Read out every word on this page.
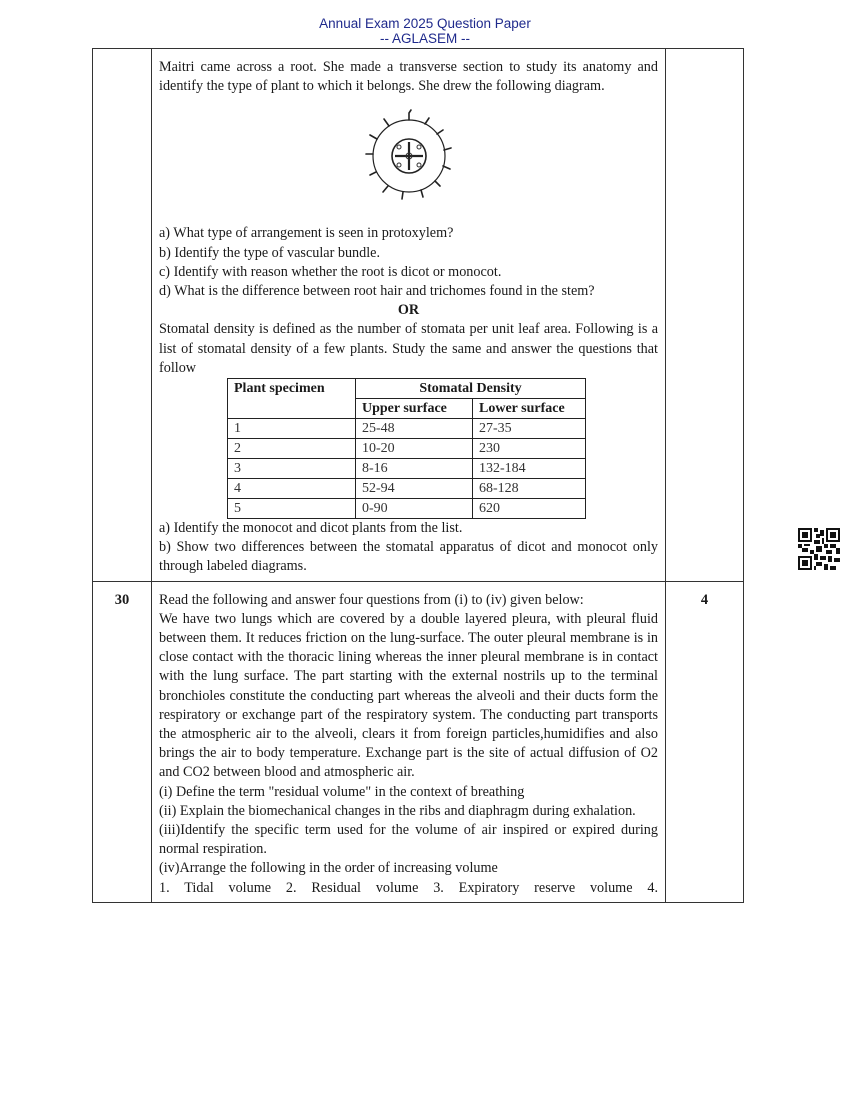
Annual Exam 2025 Question Paper
-- AGLASEM --

Maitri came across a root. She made a transverse section to study its anatomy and identify the type of plant to which it belongs. She drew the following diagram.

a) What type of arrangement is seen in protoxylem?

b) Identify the type of vascular bundle.

c) Identify with reason whether the root is dicot or monocot.

d) What is the difference between root hair and trichomes found in the stem?

OR

Stomatal density is defined as the number of stomata per unit leaf area. Following is a list of stomatal density of a few plants. Study the same and answer the questions that follow

Plant specimen	Stomatal Density	
	Upper surface	Lower surface
1	25-48	27-35
2	10-20	230
3	8-16	132-184
4	52-94	68-128
5	0-90	620

a) Identify the monocot and dicot plants from the list.

b) Show two differences between the stomatal apparatus of dicot and monocot only through labeled diagrams.

30	Read the following and answer four questions from (i) to (iv) given below:

We have two lungs which are covered by a double layered pleura, with pleural fluid between them. It reduces friction on the lung-surface. The outer pleural membrane is in close contact with the thoracic lining whereas the inner pleural membrane is in contact with the lung surface. The part starting with the external nostrils up to the terminal bronchioles constitute the conducting part whereas the alveoli and their ducts form the respiratory or exchange part of the respiratory system. The conducting part transports the atmospheric air to the alveoli, clears it from foreign particles,humidifies and also brings the air to body temperature. Exchange part is the site of actual diffusion of O2 and CO2 between blood and atmospheric air.

(i) Define the term "residual volume" in the context of breathing

(ii) Explain the biomechanical changes in the ribs and diaphragm during exhalation.

(iii)Identify the specific term used for the volume of air inspired or expired during normal respiration.

(iv)Arrange the following in the order of increasing volume

1. Tidal volume 2. Residual volume 3. Expiratory reserve volume 4.

4
